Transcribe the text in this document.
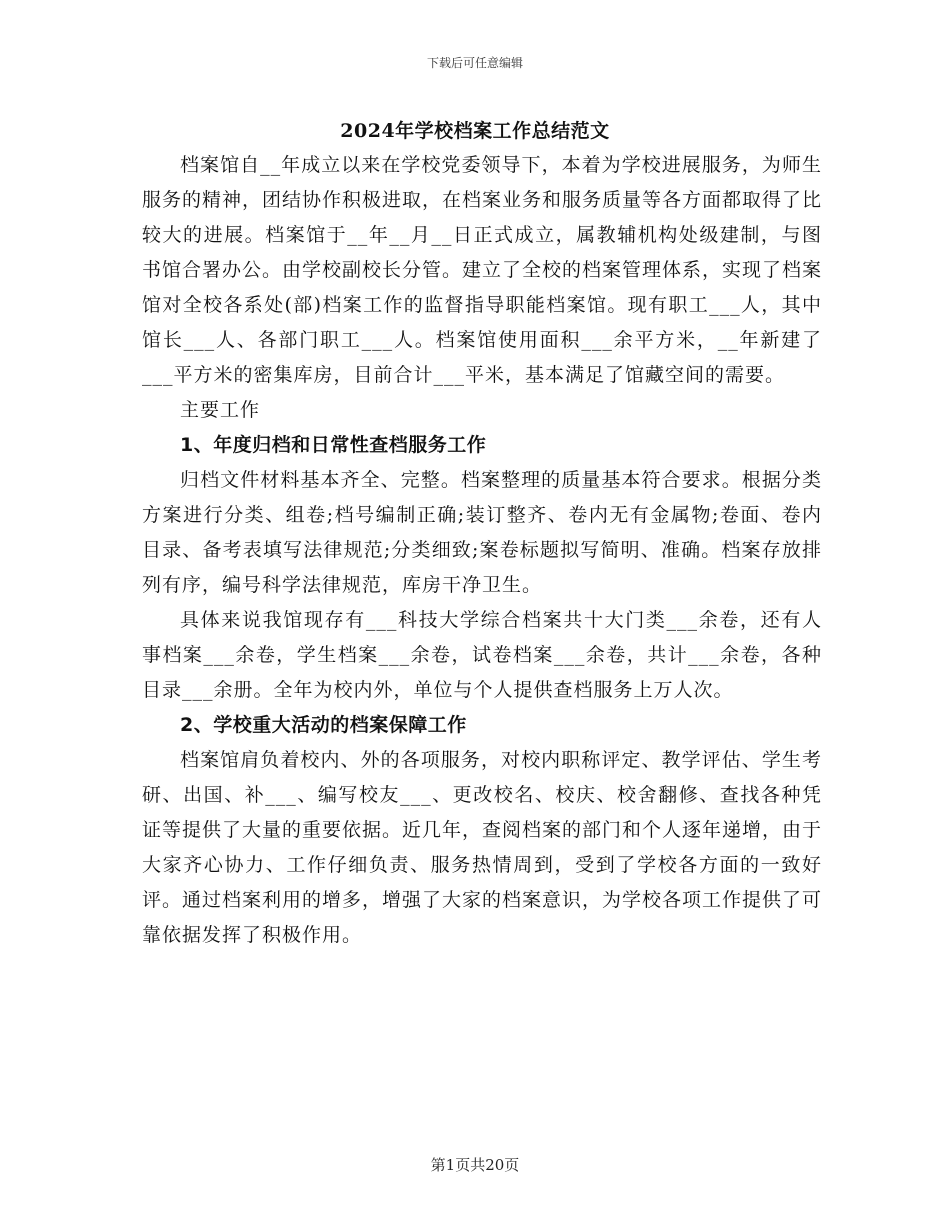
下载后可任意编辑
2024年学校档案工作总结范文

档案馆自__年成立以来在学校党委领导下，本着为学校进展服务，为师生服务的精神，团结协作积极进取，在档案业务和服务质量等各方面都取得了比较大的进展。档案馆于__年__月__日正式成立，属教辅机构处级建制，与图书馆合署办公。由学校副校长分管。建立了全校的档案管理体系，实现了档案馆对全校各系处(部)档案工作的监督指导职能档案馆。现有职工___人，其中馆长___人、各部门职工___人。档案馆使用面积___余平方米，__年新建了___平方米的密集库房，目前合计___平米，基本满足了馆藏空间的需要。

主要工作

1、年度归档和日常性查档服务工作

归档文件材料基本齐全、完整。档案整理的质量基本符合要求。根据分类方案进行分类、组卷;档号编制正确;装订整齐、卷内无有金属物;卷面、卷内目录、备考表填写法律规范;分类细致;案卷标题拟写简明、准确。档案存放排列有序，编号科学法律规范，库房干净卫生。

具体来说我馆现存有___科技大学综合档案共十大门类___余卷，还有人事档案___余卷，学生档案___余卷，试卷档案___余卷，共计___余卷，各种目录___余册。全年为校内外，单位与个人提供查档服务上万人次。

2、学校重大活动的档案保障工作

档案馆肩负着校内、外的各项服务，对校内职称评定、教学评估、学生考研、出国、补___、编写校友___、更改校名、校庆、校舍翻修、查找各种凭证等提供了大量的重要依据。近几年，查阅档案的部门和个人逐年递增，由于大家齐心协力、工作仔细负责、服务热情周到，受到了学校各方面的一致好评。通过档案利用的增多，增强了大家的档案意识，为学校各项工作提供了可靠依据发挥了积极作用。

第1页共20页
